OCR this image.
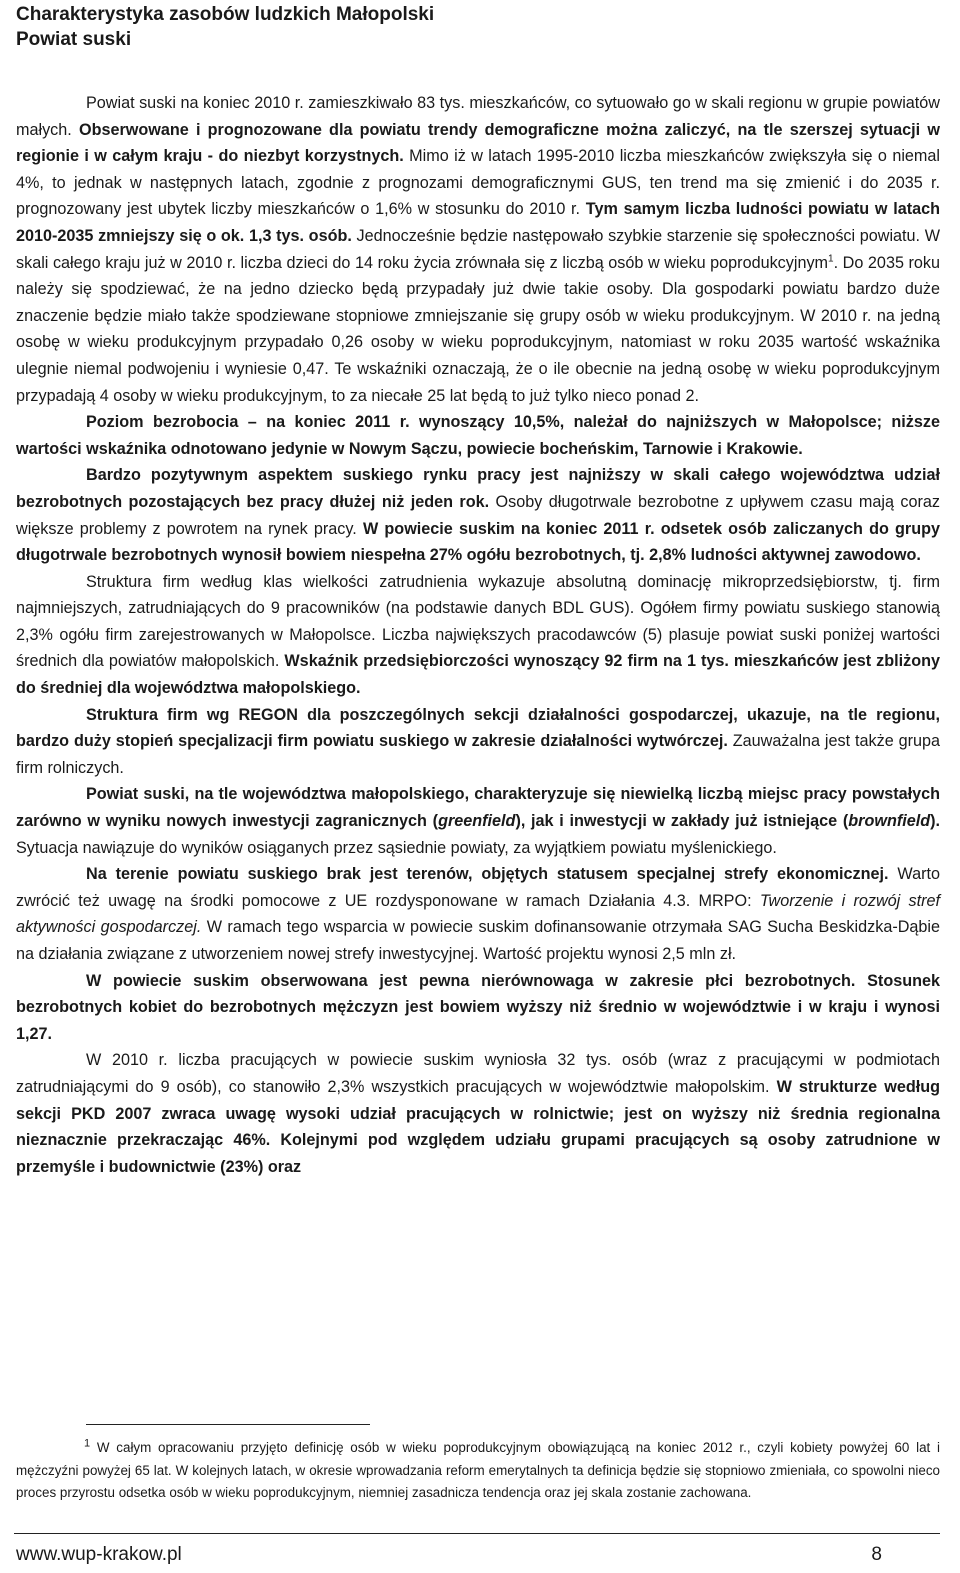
Charakterystyka zasobów ludzkich Małopolski

Powiat suski

Powiat suski na koniec 2010 r. zamieszkiwało 83 tys. mieszkańców, co sytuowało go w skali regionu w grupie powiatów małych. Obserwowane i prognozowane dla powiatu trendy demograficzne można zaliczyć, na tle szerszej sytuacji w regionie i w całym kraju - do niezbyt korzystnych. Mimo iż w latach 1995-2010 liczba mieszkańców zwiększyła się o niemal 4%, to jednak w następnych latach, zgodnie z prognozami demograficznymi GUS, ten trend ma się zmienić i do 2035 r. prognozowany jest ubytek liczby mieszkańców o 1,6% w stosunku do 2010 r. Tym samym liczba ludności powiatu w latach 2010-2035 zmniejszy się o ok. 1,3 tys. osób. Jednocześnie będzie następowało szybkie starzenie się społeczności powiatu. W skali całego kraju już w 2010 r. liczba dzieci do 14 roku życia zrównała się z liczbą osób w wieku poprodukcyjnym$^1$. Do 2035 roku należy się spodziewać, że na jedno dziecko będą przypadały już dwie takie osoby. Dla gospodarki powiatu bardzo duże znaczenie będzie miało także spodziewane stopniowe zmniejszanie się grupy osób w wieku produkcyjnym. W 2010 r. na jedną osobę w wieku produkcyjnym przypadało 0,26 osoby w wieku poprodukcyjnym, natomiast w roku 2035 wartość wskaźnika ulegnie niemal podwojeniu i wyniesie 0,47. Te wskaźniki oznaczają, że o ile obecnie na jedną osobę w wieku poprodukcyjnym przypadają 4 osoby w wieku produkcyjnym, to za niecałe 25 lat będą to już tylko nieco ponad 2.

Poziom bezrobocia – na koniec 2011 r. wynoszący 10,5%, należał do najniższych w Małopolsce; niższe wartości wskaźnika odnotowano jedynie w Nowym Sączu, powiecie bocheńskim, Tarnowie i Krakowie.

Bardzo pozytywnym aspektem suskiego rynku pracy jest najniższy w skali całego województwa udział bezrobotnych pozostających bez pracy dłużej niż jeden rok. Osoby długotrwale bezrobotne z upływem czasu mają coraz większe problemy z powrotem na rynek pracy. W powiecie suskim na koniec 2011 r. odsetek osób zaliczanych do grupy długotrwale bezrobotnych wynosił bowiem niespełna 27% ogółu bezrobotnych, tj. 2,8% ludności aktywnej zawodowo.

Struktura firm według klas wielkości zatrudnienia wykazuje absolutną dominację mikroprzedsiębiorstw, tj. firm najmniejszych, zatrudniających do 9 pracowników (na podstawie danych BDL GUS). Ogółem firmy powiatu suskiego stanowią 2,3% ogółu firm zarejestrowanych w Małopolsce. Liczba największych pracodawców (5) plasuje powiat suski poniżej wartości średnich dla powiatów małopolskich. Wskaźnik przedsiębiorczości wynoszący 92 firm na 1 tys. mieszkańców jest zbliżony do średniej dla województwa małopolskiego.

Struktura firm wg REGON dla poszczególnych sekcji działalności gospodarczej, ukazuje, na tle regionu, bardzo duży stopień specjalizacji firm powiatu suskiego w zakresie działalności wytwórczej. Zauważalna jest także grupa firm rolniczych.

Powiat suski, na tle województwa małopolskiego, charakteryzuje się niewielką liczbą miejsc pracy powstałych zarówno w wyniku nowych inwestycji zagranicznych (greenfield), jak i inwestycji w zakłady już istniejące (brownfield). Sytuacja nawiązuje do wyników osiąganych przez sąsiednie powiaty, za wyjątkiem powiatu myślenickiego.

Na terenie powiatu suskiego brak jest terenów, objętych statusem specjalnej strefy ekonomicznej. Warto zwrócić też uwagę na środki pomocowe z UE rozdysponowane w ramach Działania 4.3. MRPO: Tworzenie i rozwój stref aktywności gospodarczej. W ramach tego wsparcia w powiecie suskim dofinansowanie otrzymała SAG Sucha Beskidzka-Dąbie na działania związane z utworzeniem nowej strefy inwestycyjnej. Wartość projektu wynosi 2,5 mln zł.

W powiecie suskim obserwowana jest pewna nierównowaga w zakresie płci bezrobotnych. Stosunek bezrobotnych kobiet do bezrobotnych mężczyzn jest bowiem wyższy niż średnio w województwie i w kraju i wynosi 1,27.

W 2010 r. liczba pracujących w powiecie suskim wyniosła 32 tys. osób (wraz z pracującymi w podmiotach zatrudniającymi do 9 osób), co stanowiło 2,3% wszystkich pracujących w województwie małopolskim. W strukturze według sekcji PKD 2007 zwraca uwagę wysoki udział pracujących w rolnictwie; jest on wyższy niż średnia regionalna nieznacznie przekraczając 46%. Kolejnymi pod względem udziału grupami pracujących są osoby zatrudnione w przemyśle i budownictwie (23%) oraz

$^1$ W całym opracowaniu przyjęto definicję osób w wieku poprodukcyjnym obowiązującą na koniec 2012 r., czyli kobiety powyżej 60 lat i mężczyźni powyżej 65 lat. W kolejnych latach, w okresie wprowadzania reform emerytalnych ta definicja będzie się stopniowo zmieniała, co spowolni nieco proces przyrostu odsetka osób w wieku poprodukcyjnym, niemniej zasadnicza tendencja oraz jej skala zostanie zachowana.

www.wup-krakow.pl	8
